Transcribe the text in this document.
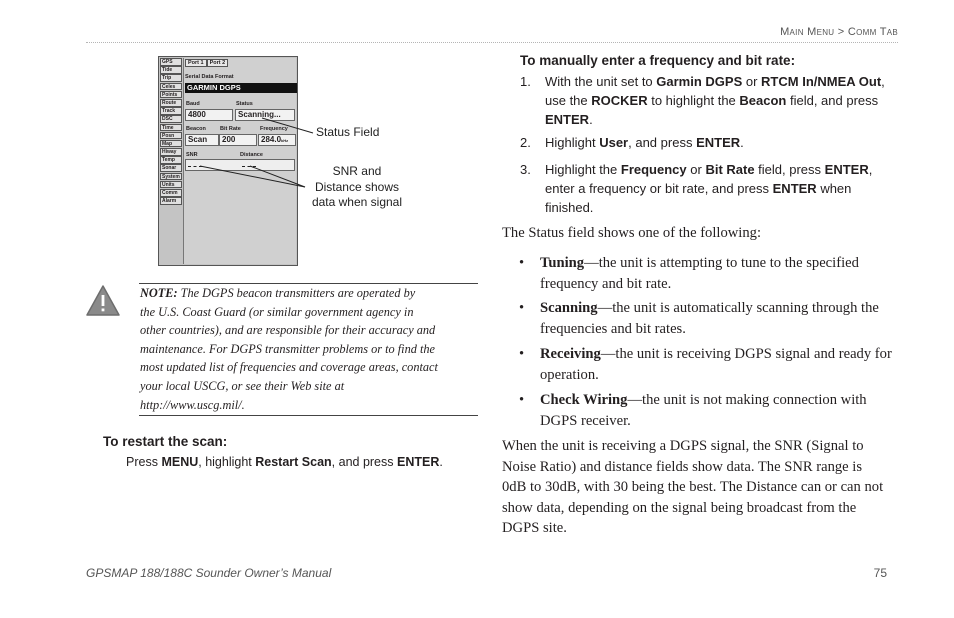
Main Menu > Comm Tab
GPS
Tide
Trip
Celes
Points
Route
Track
DSC
Time
Posn
Map
Hiway
Temp
Sonar
System
Units
Comm
Alarm
Port 1 Port 2
Serial Data Format
GARMIN DGPS
Baud	Status
4800	Scanning...
Beacon	Bit Rate	Frequency
Scan	200	284.0kHz
SNR	Distance
Status Field
SNR and
Distance shows
data when signal
NOTE: The DGPS beacon transmitters are operated by
the U.S. Coast Guard (or similar government agency in
other countries), and are responsible for their accuracy and
maintenance. For DGPS transmitter problems or to find the
most updated list of frequencies and coverage areas, contact
your local USCG, or see their Web site at
http://www.uscg.mil/.
To restart the scan:
Press MENU, highlight Restart Scan, and press ENTER.
To manually enter a frequency and bit rate:
1. With the unit set to Garmin DGPS or RTCM In/NMEA Out,
use the ROCKER to highlight the Beacon field, and press
ENTER.
2. Highlight User, and press ENTER.
3. Highlight the Frequency or Bit Rate field, press ENTER,
enter a frequency or bit rate, and press ENTER when
finished.
The Status field shows one of the following:
• Tuning—the unit is attempting to tune to the specified
frequency and bit rate.
• Scanning—the unit is automatically scanning through the
frequencies and bit rates.
• Receiving—the unit is receiving DGPS signal and ready for
operation.
• Check Wiring—the unit is not making connection with
DGPS receiver.
When the unit is receiving a DGPS signal, the SNR (Signal to
Noise Ratio) and distance fields show data. The SNR range is
0dB to 30dB, with 30 being the best. The Distance can or can not
show data, depending on the signal being broadcast from the
DGPS site.
GPSMAP 188/188C Sounder Owner’s Manual	75
